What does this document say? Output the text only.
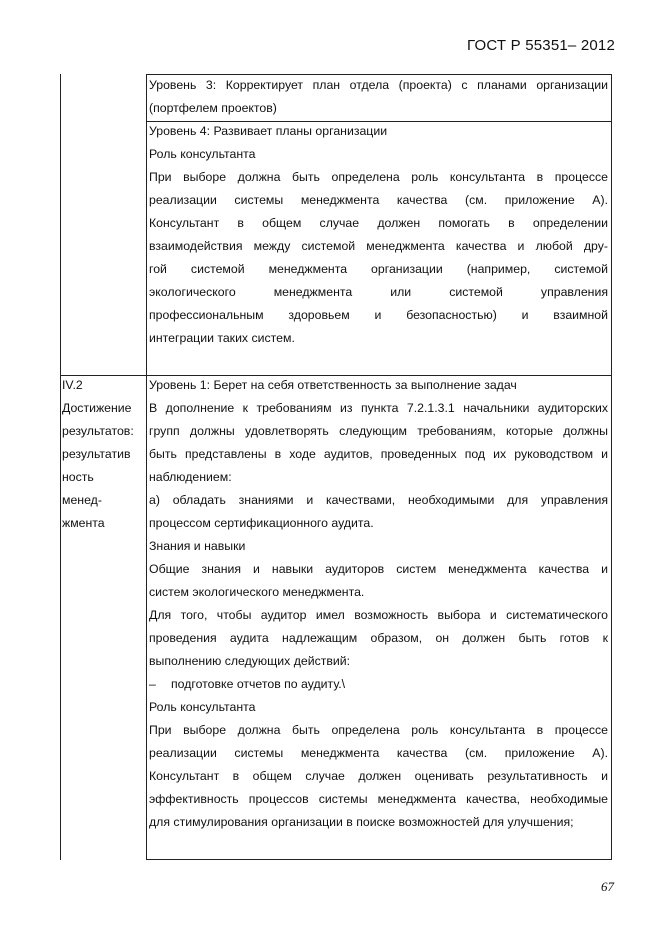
ГОСТ Р 55351– 2012

Уровень 3: Корректирует план отдела (проекта) с планами организации

(портфелем проектов)

Уровень 4: Развивает планы организации

Роль консультанта

При выборе должна быть определена роль консультанта в процессе

реализации системы менеджмента качества (см. приложение А).

Консультант в общем случае должен помогать в определении

взаимодействия между системой менеджмента качества и любой дру-

гой системой менеджмента организации (например, системой

экологического менеджмента или системой управления

профессиональным здоровьем и безопасностью) и взаимной

интеграции таких систем.

IV.2

Достижение

результатов:

результатив

ность

менед-

жмента

Уровень 1: Берет на себя ответственность за выполнение задач

В дополнение к требованиям из пункта 7.2.1.3.1 начальники аудиторских

групп должны удовлетворять следующим требованиям, которые должны

быть представлены в ходе аудитов, проведенных под их руководством и

наблюдением:

а) обладать знаниями и качествами, необходимыми для управления

процессом сертификационного аудита.

Знания и навыки

Общие знания и навыки аудиторов систем менеджмента качества и

систем экологического менеджмента.

Для того, чтобы аудитор имел возможность выбора и систематического

проведения аудита надлежащим образом, он должен быть готов к

выполнению следующих действий:

– подготовке отчетов по аудиту.\

Роль консультанта

При выборе должна быть определена роль консультанта в процессе

реализации системы менеджмента качества (см. приложение А).

Консультант в общем случае должен оценивать результативность и

эффективность процессов системы менеджмента качества, необходимые

для стимулирования организации в поиске возможностей для улучшения;

67
